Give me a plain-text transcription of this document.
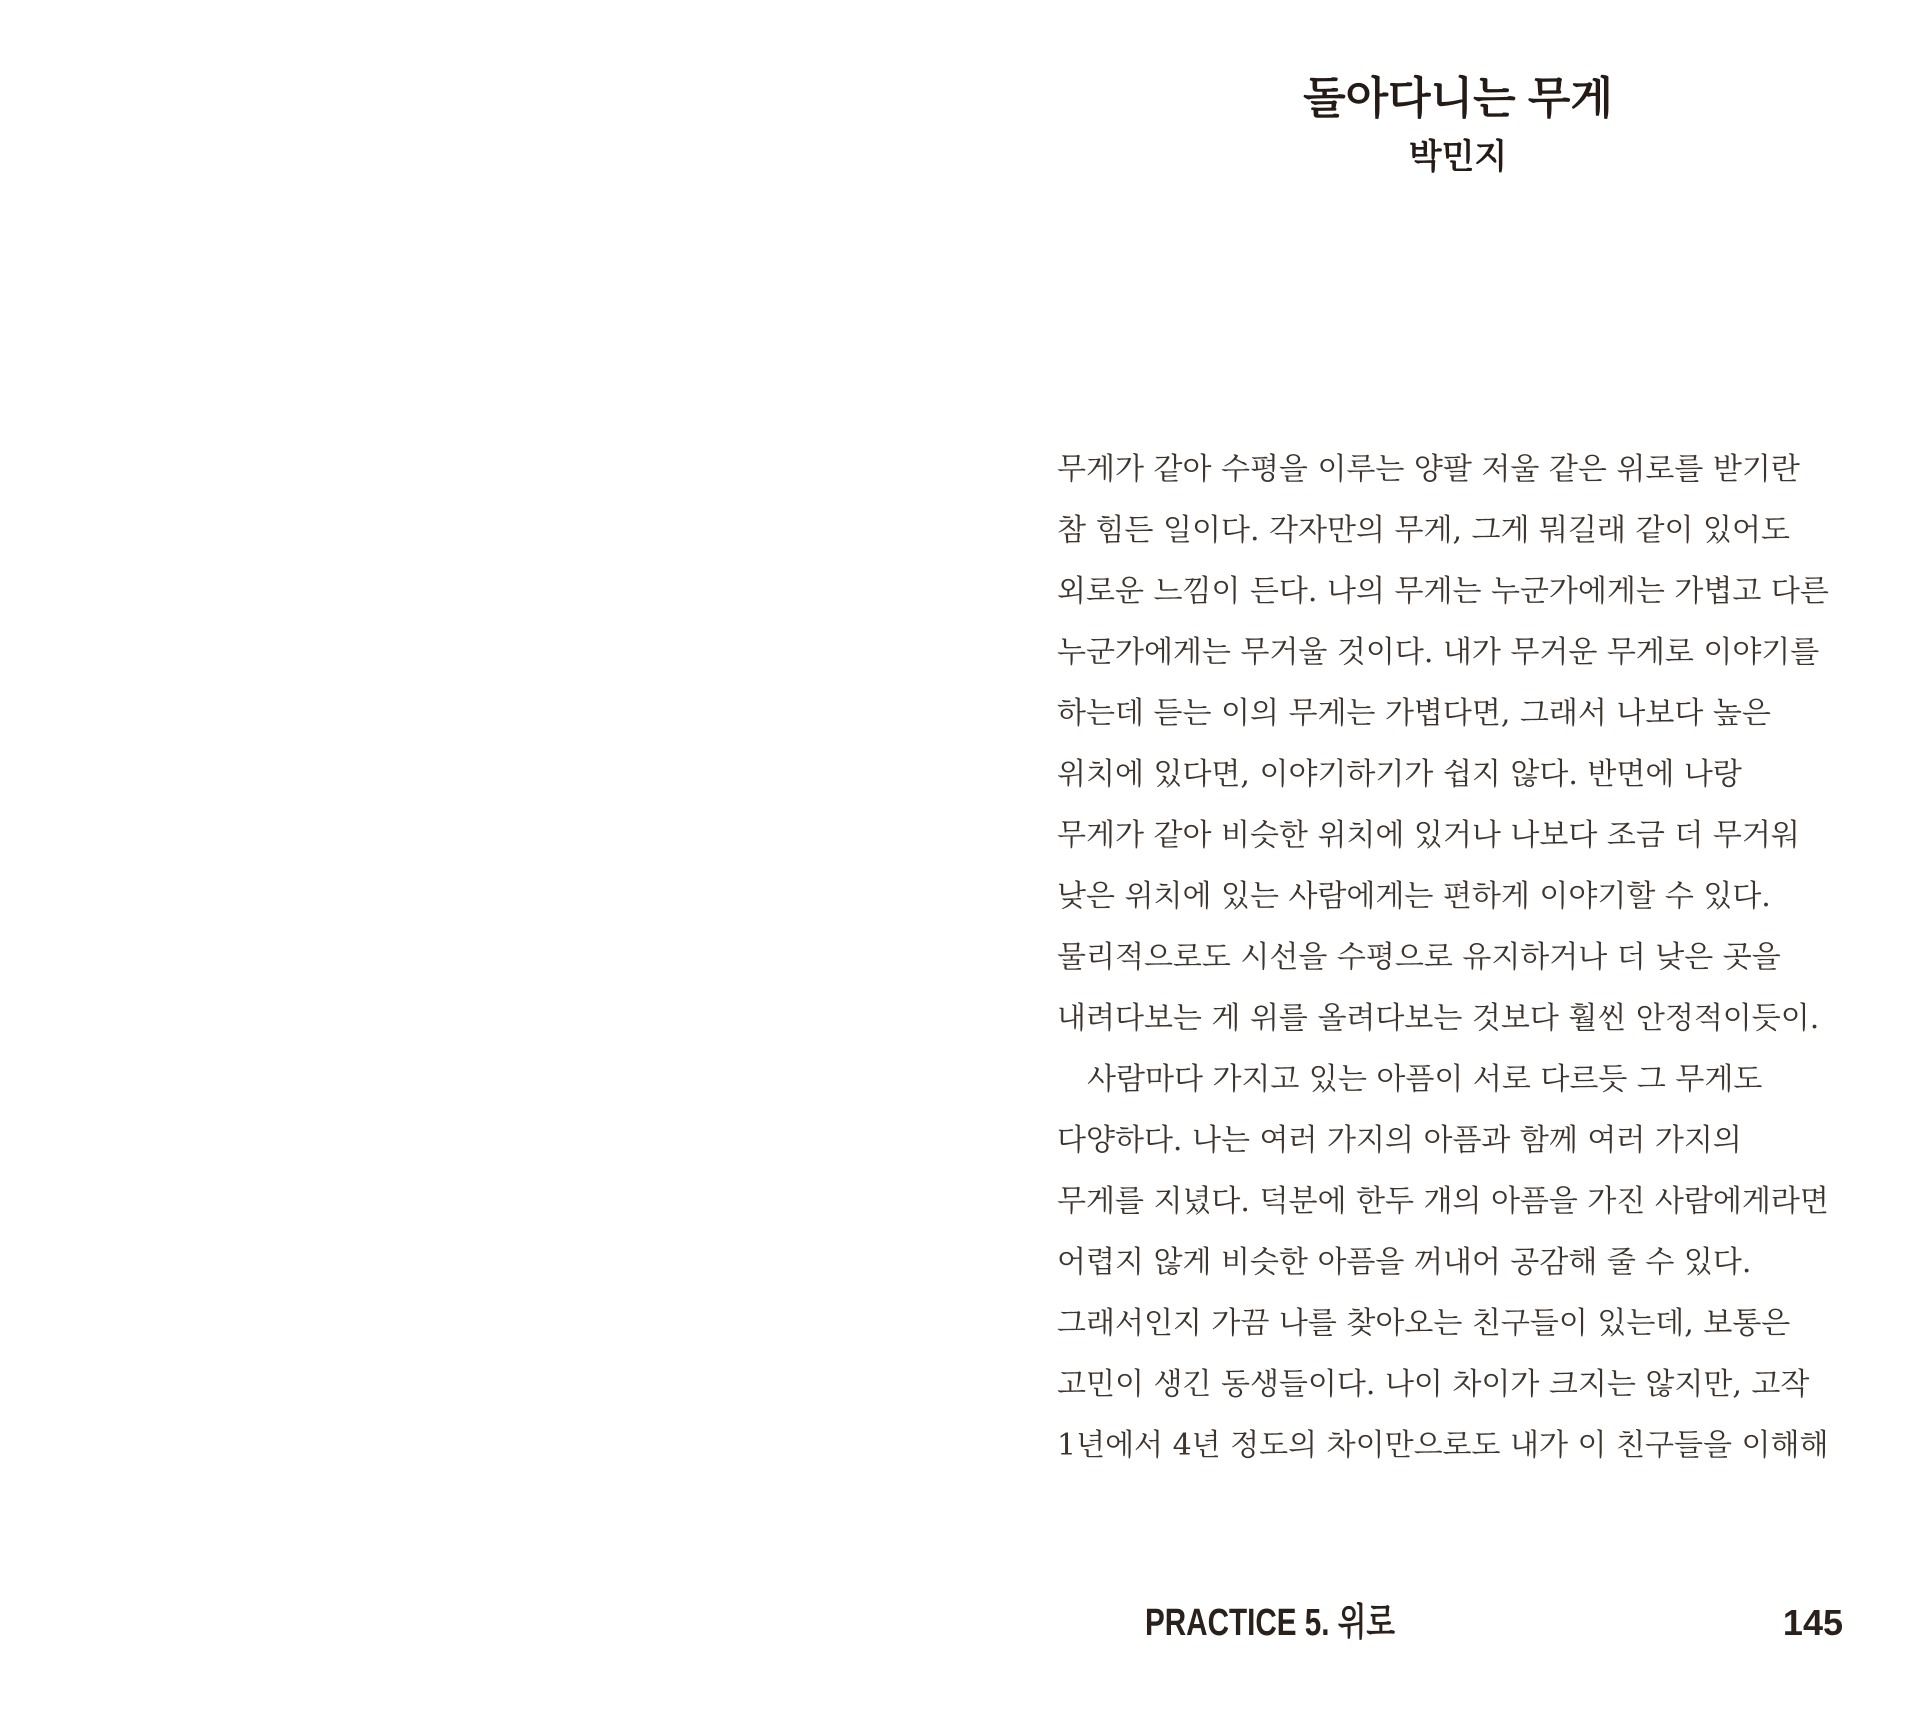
돌아다니는 무게
박민지
무게가 같아 수평을 이루는 양팔 저울 같은 위로를 받기란
참 힘든 일이다. 각자만의 무게, 그게 뭐길래 같이 있어도
외로운 느낌이 든다. 나의 무게는 누군가에게는 가볍고 다른
누군가에게는 무거울 것이다. 내가 무거운 무게로 이야기를
하는데 듣는 이의 무게는 가볍다면, 그래서 나보다 높은
위치에 있다면, 이야기하기가 쉽지 않다. 반면에 나랑
무게가 같아 비슷한 위치에 있거나 나보다 조금 더 무거워
낮은 위치에 있는 사람에게는 편하게 이야기할 수 있다.
물리적으로도 시선을 수평으로 유지하거나 더 낮은 곳을
내려다보는 게 위를 올려다보는 것보다 훨씬 안정적이듯이.
　사람마다 가지고 있는 아픔이 서로 다르듯 그 무게도
다양하다. 나는 여러 가지의 아픔과 함께 여러 가지의
무게를 지녔다. 덕분에 한두 개의 아픔을 가진 사람에게라면
어렵지 않게 비슷한 아픔을 꺼내어 공감해 줄 수 있다.
그래서인지 가끔 나를 찾아오는 친구들이 있는데, 보통은
고민이 생긴 동생들이다. 나이 차이가 크지는 않지만, 고작
1년에서 4년 정도의 차이만으로도 내가 이 친구들을 이해해
PRACTICE 5. 위로	145
